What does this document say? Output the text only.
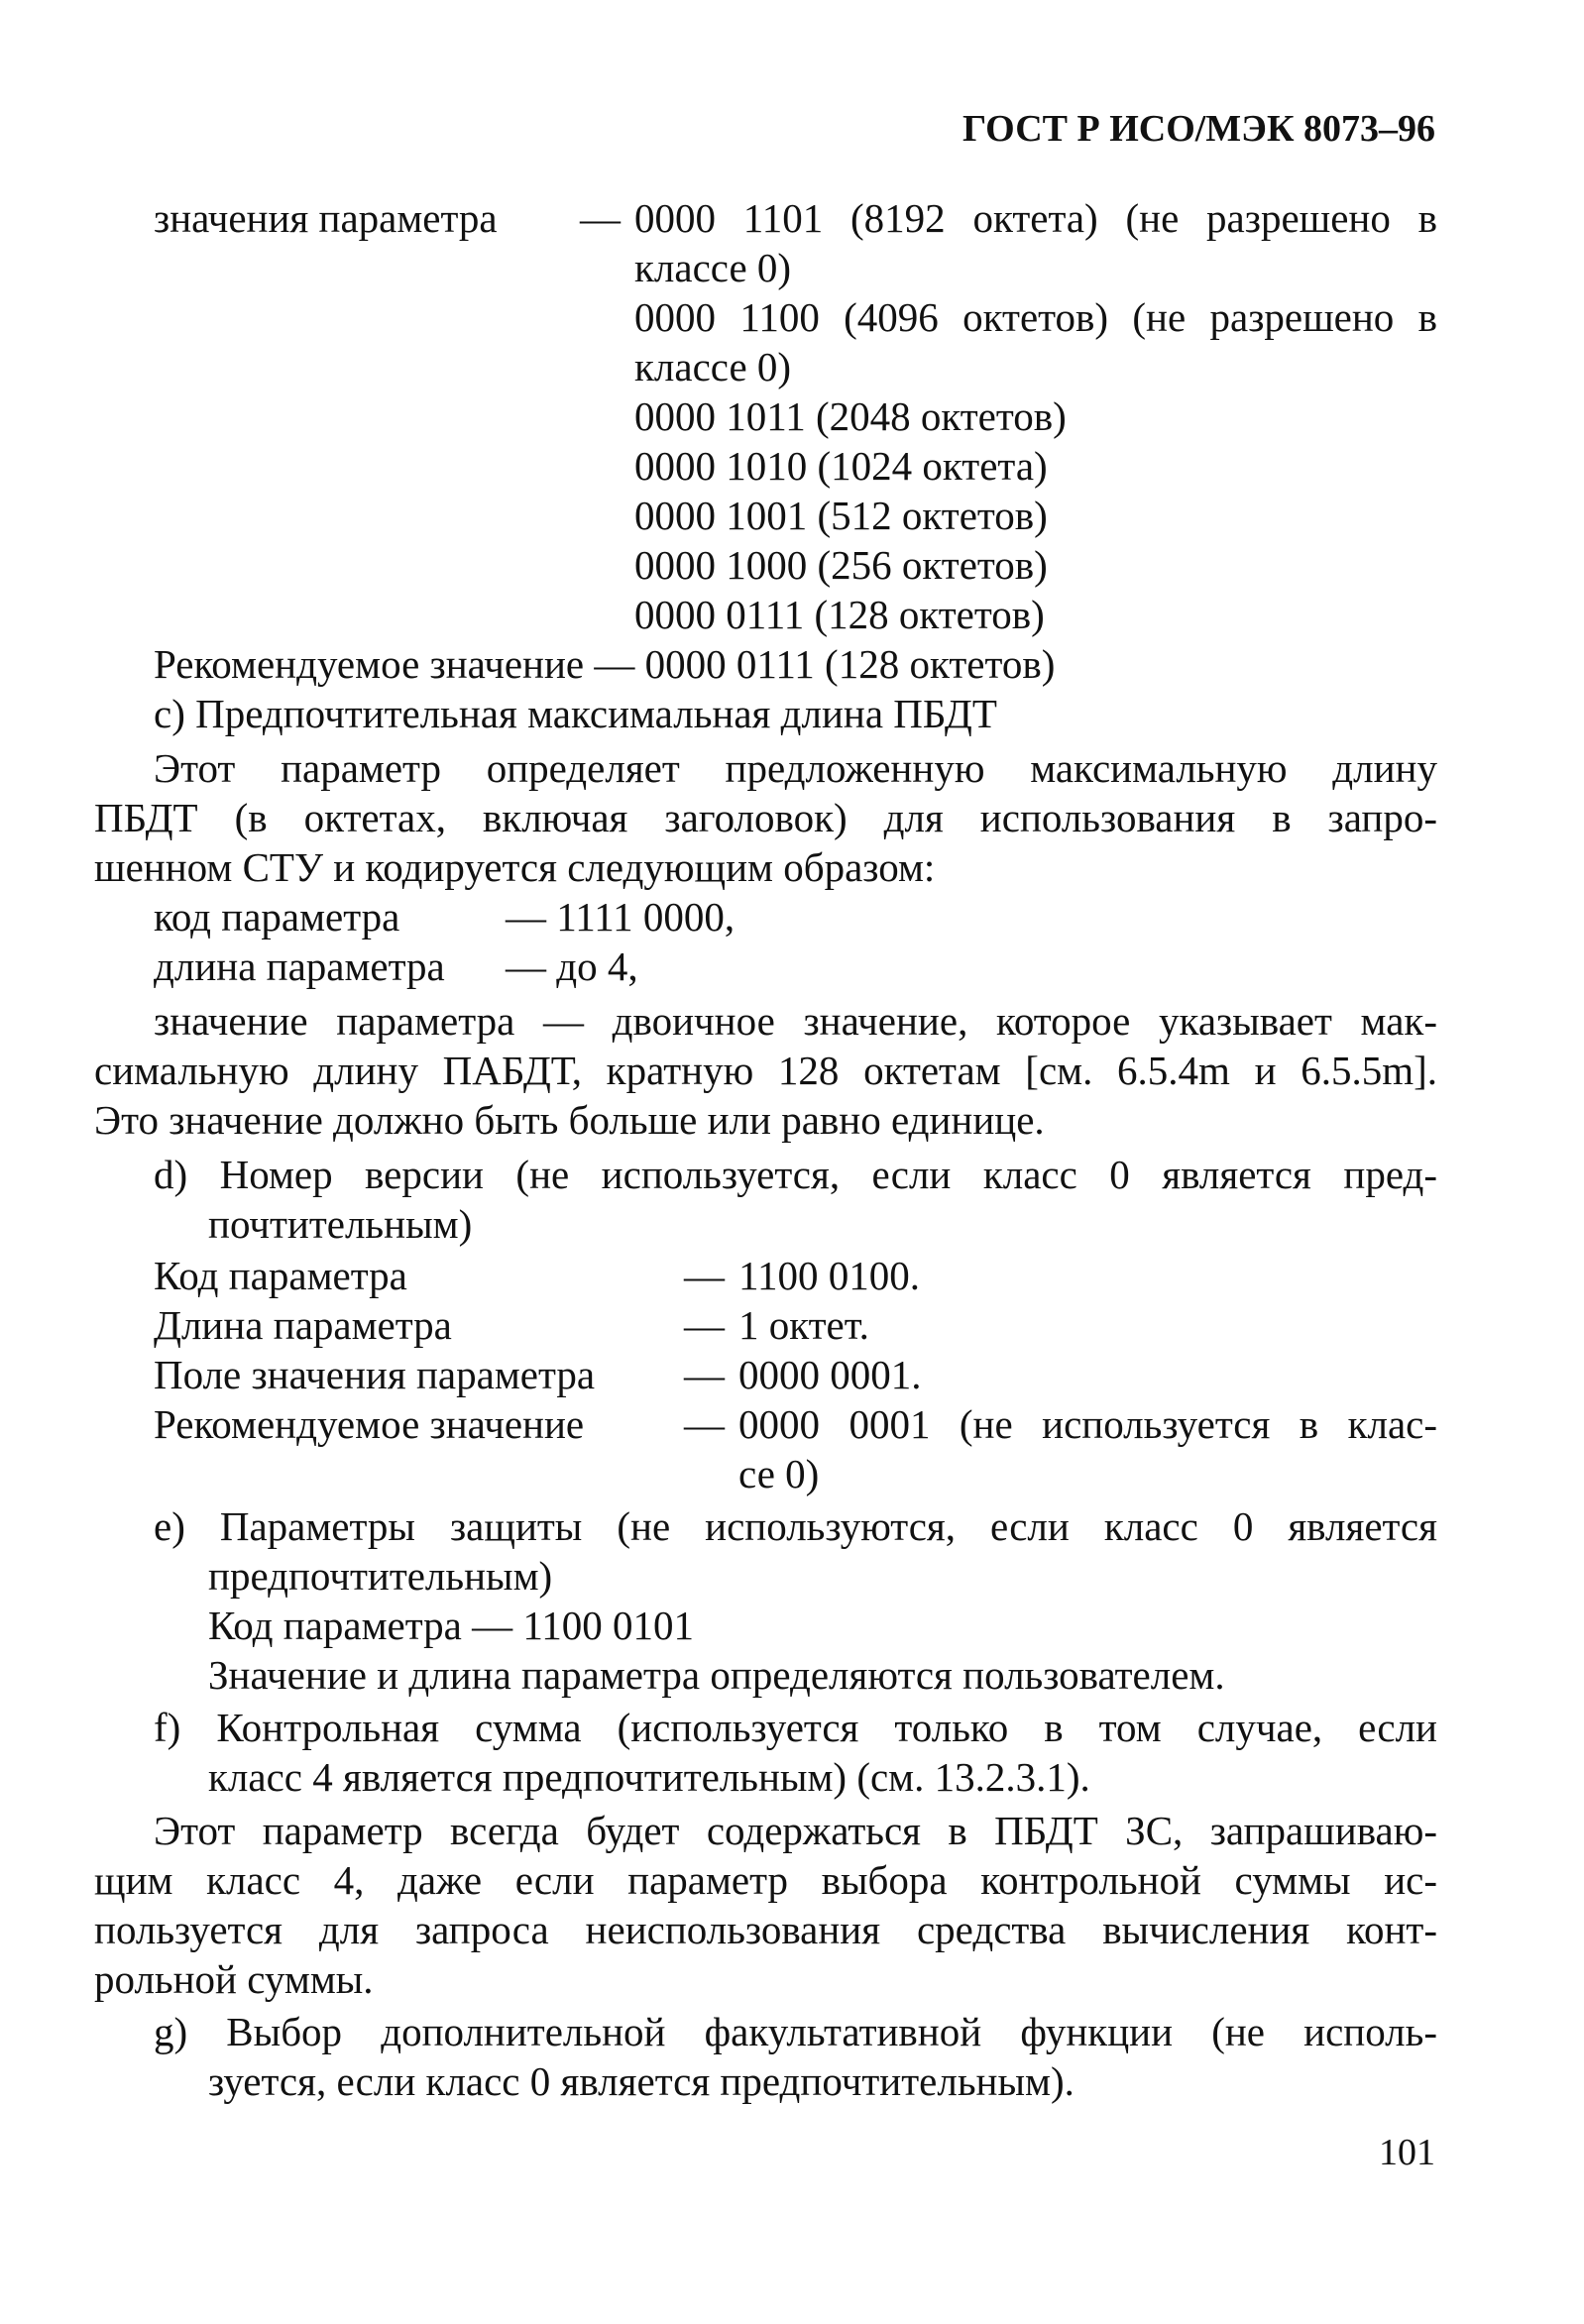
ГОСТ Р ИСО/МЭК 8073–96
значения параметра — 0000 1101 (8192 октета) (не разрешено в
классе 0)
0000 1100 (4096 октетов) (не разрешено в
классе 0)
0000 1011 (2048 октетов)
0000 1010 (1024 октета)
0000 1001 (512 октетов)
0000 1000 (256 октетов)
0000 0111 (128 октетов)
Рекомендуемое значение — 0000 0111 (128 октетов)
с) Предпочтительная максимальная длина ПБДТ
Этот параметр определяет предложенную максимальную длину
ПБДТ (в октетах, включая заголовок) для использования в запро-
шенном СТУ и кодируется следующим образом:
код параметра	— 1111 0000,
длина параметра — до 4,
значение параметра — двоичное значение, которое указывает мак-
симальную длину ПАБДТ, кратную 128 октетам [см. 6.5.4m и 6.5.5m].
Это значение должно быть больше или равно единице.
d) Номер версии (не используется, если класс 0 является пред-
почтительным)
Код параметра	— 1100 0100.
Длина параметра	— 1 октет.
Поле значения параметра — 0000 0001.
Рекомендуемое значение — 0000 0001 (не используется в клас-
се 0)
е) Параметры защиты (не используются, если класс 0 является
предпочтительным)
Код параметра — 1100 0101
Значение и длина параметра определяются пользователем.
f) Контрольная сумма (используется только в том случае, если
класс 4 является предпочтительным) (см. 13.2.3.1).
Этот параметр всегда будет содержаться в ПБДТ ЗС, запрашиваю-
щим класс 4, даже если параметр выбора контрольной суммы ис-
пользуется для запроса неиспользования средства вычисления конт-
рольной суммы.
g) Выбор дополнительной факультативной функции (не исполь-
зуется, если класс 0 является предпочтительным).
101
